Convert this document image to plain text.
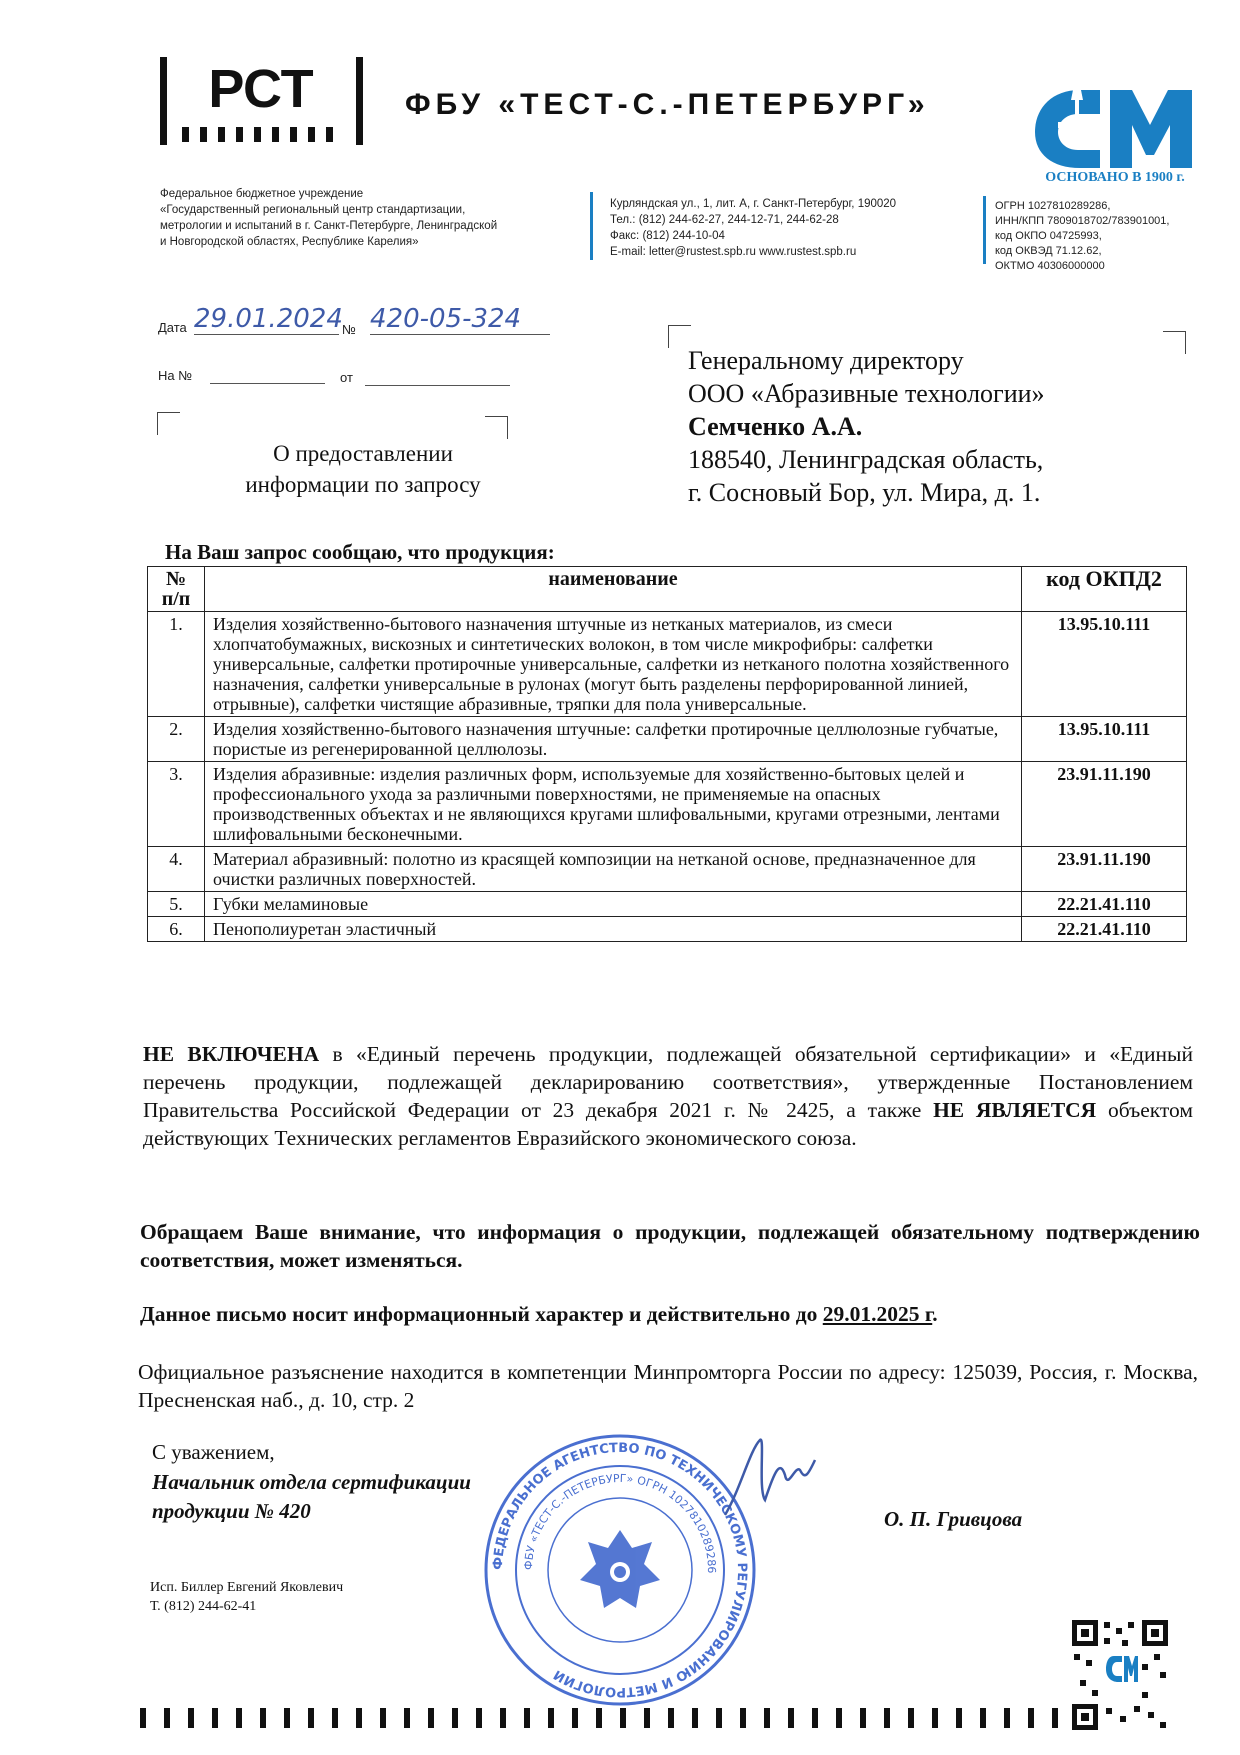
РСТ	ФБУ «ТЕСТ-С.-ПЕТЕРБУРГ»
ОСНОВАНО В 1900 г.
Федеральное бюджетное учреждение
«Государственный региональный центр стандартизации,
метрологии и испытаний в г. Санкт-Петербурге, Ленинградской
и Новгородской областях, Республике Карелия»
Курляндская ул., 1, лит. А, г. Санкт-Петербург, 190020
Тел.: (812) 244-62-27, 244-12-71, 244-62-28
Факс: (812) 244-10-04
E-mail: letter@rustest.spb.ru www.rustest.spb.ru
ОГРН 1027810289286,
ИНН/КПП 7809018702/783901001,
код ОКПО 04725993,
код ОКВЭД 71.12.62,
ОКТМО 40306000000
Дата 29.01.2024 № 420-05-324
На №	от
О предоставлении
информации по запросу
Генеральному директору
ООО «Абразивные технологии»
Семченко А.А.
188540, Ленинградская область,
г. Сосновый Бор, ул. Мира, д. 1.
На Ваш запрос сообщаю, что продукция:
№ п/п	наименование	код ОКПД2
1.	Изделия хозяйственно-бытового назначения штучные из нетканых материалов, из смеси хлопчатобумажных, вискозных и синтетических волокон, в том числе микрофибры: салфетки универсальные, салфетки протирочные универсальные, салфетки из нетканого полотна хозяйственного назначения, салфетки универсальные в рулонах (могут быть разделены перфорированной линией, отрывные), салфетки чистящие абразивные, тряпки для пола универсальные.	13.95.10.111
2.	Изделия хозяйственно-бытового назначения штучные: салфетки протирочные целлюлозные губчатые, пористые из регенерированной целлюлозы.	13.95.10.111
3.	Изделия абразивные: изделия различных форм, используемые для хозяйственно-бытовых целей и профессионального ухода за различными поверхностями, не применяемые на опасных производственных объектах и не являющихся кругами шлифовальными, кругами отрезными, лентами шлифовальными бесконечными.	23.91.11.190
4.	Материал абразивный: полотно из красящей композиции на нетканой основе, предназначенное для очистки различных поверхностей.	23.91.11.190
5.	Губки меламиновые	22.21.41.110
6.	Пенополиуретан эластичный	22.21.41.110
НЕ ВКЛЮЧЕНА в «Единый перечень продукции, подлежащей обязательной сертификации» и «Единый перечень продукции, подлежащей декларированию соответствия», утвержденные Постановлением Правительства Российской Федерации от 23 декабря 2021 г. № 2425, а также НЕ ЯВЛЯЕТСЯ объектом действующих Технических регламентов Евразийского экономического союза.
Обращаем Ваше внимание, что информация о продукции, подлежащей обязательному подтверждению соответствия, может изменяться.
Данное письмо носит информационный характер и действительно до 29.01.2025 г.
Официальное разъяснение находится в компетенции Минпромторга России по адресу: 125039, Россия, г. Москва, Пресненская наб., д. 10, стр. 2
С уважением,
Начальник отдела сертификации
продукции № 420	О. П. Гривцова
ФЕДЕРАЛЬНОЕ АГЕНТСТВО ПО ТЕХНИЧЕСКОМУ РЕГУЛИРОВАНИЮ И МЕТРОЛОГИИ
ФБУ «ТЕСТ-С.-ПЕТЕРБУРГ» ОГРН 1027810289286
Исп. Биллер Евгений Яковлевич
Т. (812) 244-62-41
